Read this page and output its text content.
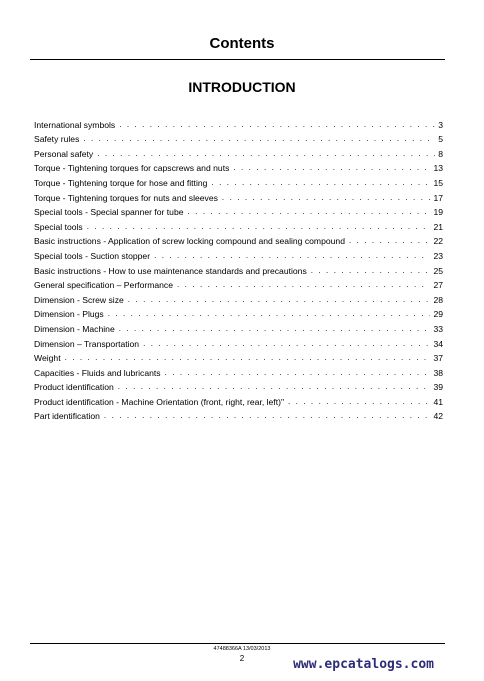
Contents
INTRODUCTION
International symbols . . .	3
Safety rules . . .	5
Personal safety . . .	8
Torque - Tightening torques for capscrews and nuts . . .	13
Torque - Tightening torque for hose and fitting . . .	15
Torque - Tightening torques for nuts and sleeves . . .	17
Special tools - Special spanner for tube . . .	19
Special tools . . .	21
Basic instructions - Application of screw locking compound and sealing compound . . .	22
Special tools - Suction stopper . . .	23
Basic instructions - How to use maintenance standards and precautions . . .	25
General specification – Performance . . .	27
Dimension - Screw size . . .	28
Dimension - Plugs . . .	29
Dimension - Machine . . .	33
Dimension – Transportation . . .	34
Weight . . .	37
Capacities - Fluids and lubricants . . .	38
Product identification . . .	39
Product identification - Machine Orientation (front, right, rear, left)" . . .	41
Part identification . . .	42
47488366A 13/03/2013
2	www.epcatalogs.com
